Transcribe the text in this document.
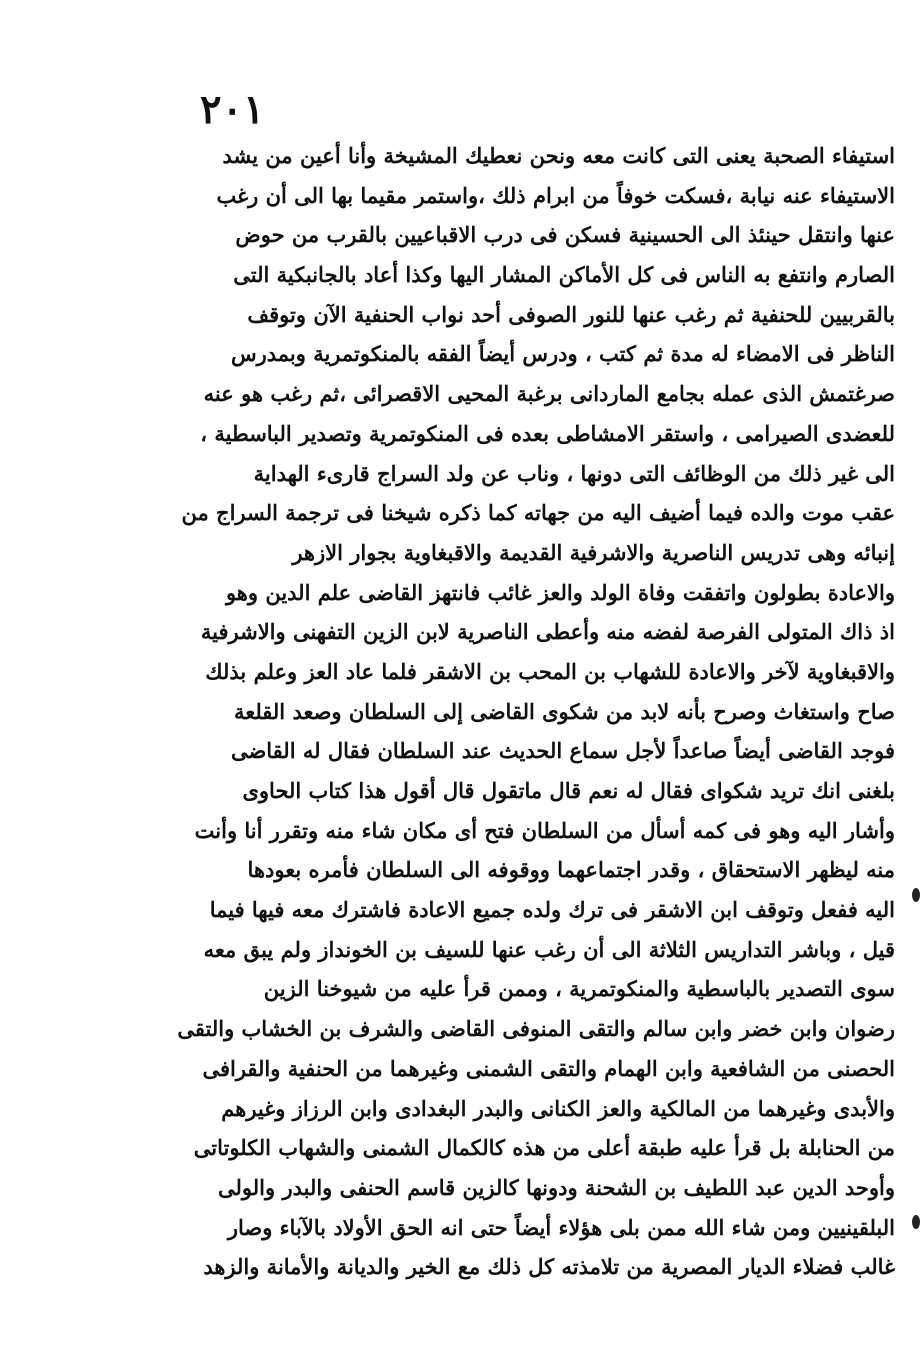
٢٠١
استيفاء الصحبة يعنى التى كانت معه ونحن نعطيك المشيخة وأنا أعين من يشد
الاستيفاء عنه نيابة ،فسكت خوفاً من ابرام ذلك ،واستمر مقيما بها الى أن رغب
عنها وانتقل حينئذ الى الحسينية فسكن فى درب الاقباعيين بالقرب من حوض
الصارم وانتفع به الناس فى كل الأماكن المشار اليها وكذا أعاد بالجانبكية التى
بالقربيين للحنفية ثم رغب عنها للنور الصوفى أحد نواب الحنفية الآن وتوقف
الناظر فى الامضاء له مدة ثم كتب ، ودرس أيضاً الفقه بالمنكوتمرية وبمدرس
صرغتمش الذى عمله بجامع الماردانى برغبة المحيى الاقصرائى ،ثم رغب هو عنه
للعضدى الصيرامى ، واستقر الامشاطى بعده فى المنكوتمرية وتصدير الباسطية ،
الى غير ذلك من الوظائف التى دونها ، وناب عن ولد السراج قارىء الهداية
عقب موت والده فيما أضيف اليه من جهاته كما ذكره شيخنا فى ترجمة السراج من
إنبائه وهى تدريس الناصرية والاشرفية القديمة والاقبغاوية بجوار الازهر
والاعادة بطولون واتفقت وفاة الولد والعز غائب فانتهز القاضى علم الدين وهو
اذ ذاك المتولى الفرصة لفضه منه وأعطى الناصرية لابن الزين التفهنى والاشرفية
والاقبغاوية لآخر والاعادة للشهاب بن المحب بن الاشقر فلما عاد العز وعلم بذلك
صاح واستغاث وصرح بأنه لابد من شكوى القاضى إلى السلطان وصعد القلعة
فوجد القاضى أيضاً صاعداً لأجل سماع الحديث عند السلطان فقال له القاضى
بلغنى انك تريد شكواى فقال له نعم قال ماتقول قال أقول هذا كتاب الحاوى
وأشار اليه وهو فى كمه أسأل من السلطان فتح أى مكان شاء منه وتقرر أنا وأنت
منه ليظهر الاستحقاق ، وقدر اجتماعهما ووقوفه الى السلطان فأمره بعودها
اليه ففعل وتوقف ابن الاشقر فى ترك ولده جميع الاعادة فاشترك معه فيها فيما
قيل ، وباشر التداريس الثلاثة الى أن رغب عنها للسيف بن الخونداز ولم يبق معه
سوى التصدير بالباسطية والمنكوتمرية ، وممن قرأ عليه من شيوخنا الزين
رضوان وابن خضر وابن سالم والتقى المنوفى القاضى والشرف بن الخشاب والتقى
الحصنى من الشافعية وابن الهمام والتقى الشمنى وغيرهما من الحنفية والقرافى
والأبدى وغيرهما من المالكية والعز الكنانى والبدر البغدادى وابن الرزاز وغيرهم
من الحنابلة بل قرأ عليه طبقة أعلى من هذه كالكمال الشمنى والشهاب الكلوتاتى
وأوحد الدين عبد اللطيف بن الشحنة ودونها كالزين قاسم الحنفى والبدر والولى
البلقينيين ومن شاء الله ممن بلى هؤلاء أيضاً حتى انه الحق الأولاد بالآباء وصار
غالب فضلاء الديار المصرية من تلامذته كل ذلك مع الخير والديانة والأمانة والزهد
